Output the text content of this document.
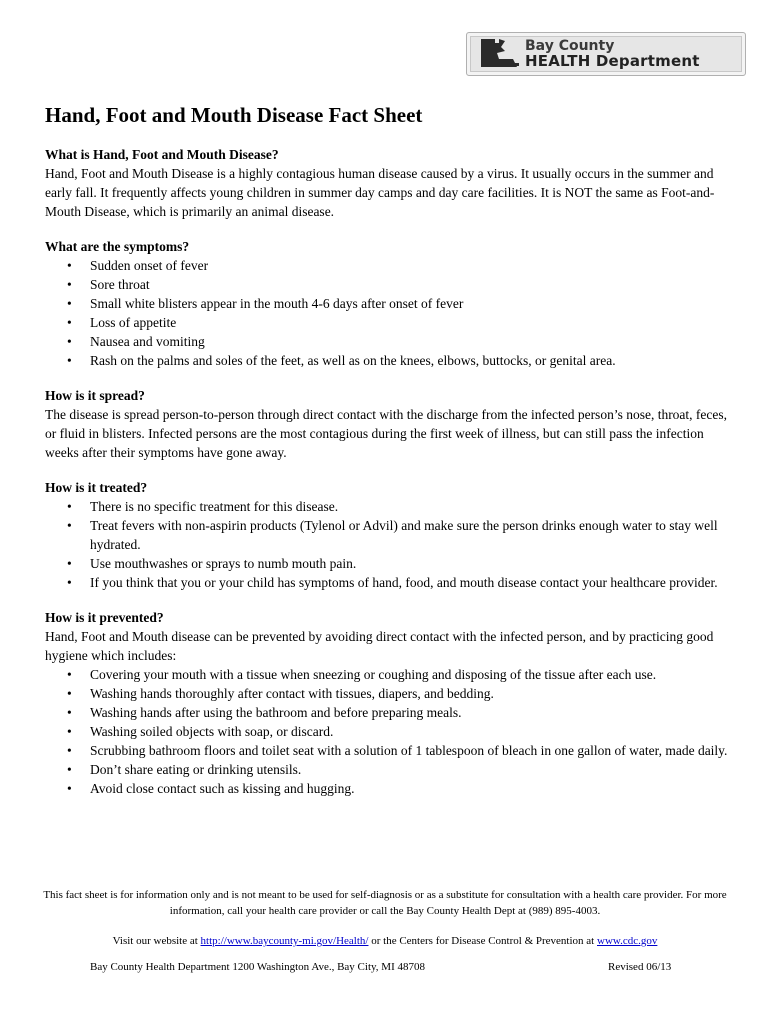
Bay County
HEALTH Department
Hand, Foot and Mouth Disease Fact Sheet
What is Hand, Foot and Mouth Disease?

Hand, Foot and Mouth Disease is a highly contagious human disease caused by a virus. It usually occurs in the summer and early fall. It frequently affects young children in summer day camps and day care facilities. It is NOT the same as Foot-and-Mouth Disease, which is primarily an animal disease.

What are the symptoms?
• Sudden onset of fever
• Sore throat
• Small white blisters appear in the mouth 4-6 days after onset of fever
• Loss of appetite
• Nausea and vomiting
• Rash on the palms and soles of the feet, as well as on the knees, elbows, buttocks, or genital area.
How is it spread?

The disease is spread person-to-person through direct contact with the discharge from the infected person’s nose, throat, feces, or fluid in blisters. Infected persons are the most contagious during the first week of illness, but can still pass the infection weeks after their symptoms have gone away.

How is it treated?
• There is no specific treatment for this disease.
• Treat fevers with non-aspirin products (Tylenol or Advil) and make sure the person drinks enough water to stay well hydrated.
• Use mouthwashes or sprays to numb mouth pain.
• If you think that you or your child has symptoms of hand, food, and mouth disease contact your healthcare provider.
How is it prevented?

Hand, Foot and Mouth disease can be prevented by avoiding direct contact with the infected person, and by practicing good hygiene which includes:

• Covering your mouth with a tissue when sneezing or coughing and disposing of the tissue after each use.
• Washing hands thoroughly after contact with tissues, diapers, and bedding.
• Washing hands after using the bathroom and before preparing meals.
• Washing soiled objects with soap, or discard.
• Scrubbing bathroom floors and toilet seat with a solution of 1 tablespoon of bleach in one gallon of water, made daily.
• Don’t share eating or drinking utensils.
• Avoid close contact such as kissing and hugging.

This fact sheet is for information only and is not meant to be used for self-diagnosis or as a substitute for consultation with a health care provider. For more information, call your health care provider or call the Bay County Health Dept at (989) 895-4003.

Visit our website at http://www.baycounty-mi.gov/Health/ or the Centers for Disease Control & Prevention at www.cdc.gov

Bay County Health Department 1200 Washington Ave., Bay City, MI 48708	Revised 06/13
